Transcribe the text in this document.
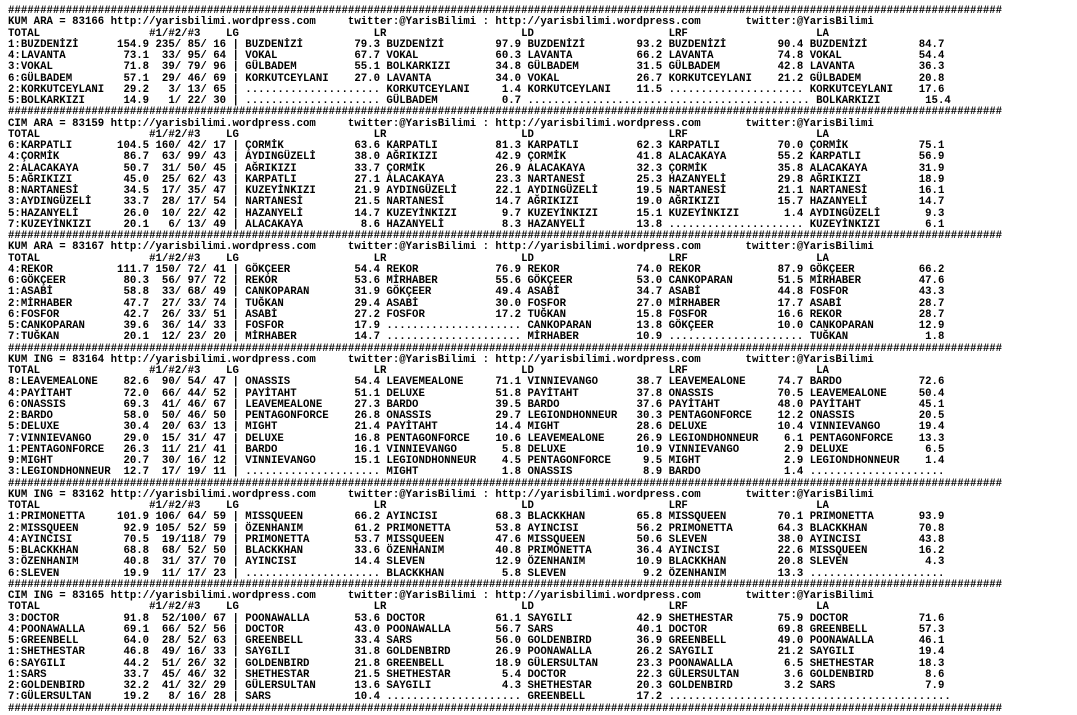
###########################################################################################################################################################
KUM ARA = 83166 http://yarisbilimi.wordpress.com     twitter:@YarisBilimi : http://yarisbilimi.wordpress.com       twitter:@YarisBilimi
TOTAL                 #1/#2/#3    LG                     LR                     LD                     LRF                    LA
1:BUZDENİZİ      154.9 235/ 85/ 16 | BUZDENİZİ        79.3 BUZDENİZİ        97.9 BUZDENİZİ        93.2 BUZDENİZİ        90.4 BUZDENİZİ        84.7
4:LAVANTA         73.1  33/ 95/ 64 | VOKAL            67.7 VOKAL            60.3 LAVANTA          66.2 LAVANTA          74.8 VOKAL            54.4
3:VOKAL           71.8  39/ 79/ 96 | GÜLBADEM         55.1 BOLKARKIZI       34.8 GÜLBADEM         31.5 GÜLBADEM         42.8 LAVANTA          36.3
6:GÜLBADEM        57.1  29/ 46/ 69 | KORKUTCEYLANI    27.0 LAVANTA          34.0 VOKAL            26.7 KORKUTCEYLANI    21.2 GÜLBADEM         20.8
2:KORKUTCEYLANI   29.2   3/ 13/ 65 | ..................... KORKUTCEYLANI     1.4 KORKUTCEYLANI    11.5 ..................... KORKUTCEYLANI    17.6
5:BOLKARKIZI      14.9   1/ 22/ 30 | ..................... GÜLBADEM          0.7 ............................................ BOLKARKIZI       15.4
###########################################################################################################################################################
CIM ARA = 83159 http://yarisbilimi.wordpress.com     twitter:@YarisBilimi : http://yarisbilimi.wordpress.com       twitter:@YarisBilimi
TOTAL                 #1/#2/#3    LG                     LR                     LD                     LRF                    LA
6:KARPATLI       104.5 160/ 42/ 17 | ÇORMİK           63.6 KARPATLI         81.3 KARPATLI         62.3 KARPATLI         70.0 ÇORMİK           75.1
4:ÇORMİK          86.7  63/ 99/ 43 | AYDINGÜZELİ      38.0 AĞRIKIZI         42.9 ÇORMİK           41.8 ALACAKAYA        55.2 KARPATLI         56.9
2:ALACAKAYA       50.7  31/ 50/ 45 | AĞRIKIZI         33.7 ÇORMİK           26.9 ALACAKAYA        32.3 ÇORMİK           35.8 ALACAKAYA        31.9
5:AĞRIKIZI        45.0  25/ 62/ 43 | KARPATLI         27.1 ALACAKAYA        23.3 NARTANESİ        25.3 HAZANYELİ        29.8 AĞRIKIZI         18.9
8:NARTANESİ       34.5  17/ 35/ 47 | KUZEYİNKIZI      21.9 AYDINGÜZELİ      22.1 AYDINGÜZELİ      19.5 NARTANESİ        21.1 NARTANESİ        16.1
3:AYDINGÜZELİ     33.7  28/ 17/ 54 | NARTANESİ        21.5 NARTANESİ        14.7 AĞRIKIZI         19.0 AĞRIKIZI         15.7 HAZANYELİ        14.7
5:HAZANYELİ       26.0  10/ 22/ 42 | HAZANYELİ        14.7 KUZEYİNKIZI       9.7 KUZEYİNKIZI      15.1 KUZEYİNKIZI       1.4 AYDINGÜZELİ       9.3
7:KUZEYİNKIZI     20.1   6/ 13/ 49 | ALACAKAYA         8.6 HAZANYELİ         8.3 HAZANYELİ        13.8 ..................... KUZEYİNKIZI       6.1
###########################################################################################################################################################
KUM ARA = 83167 http://yarisbilimi.wordpress.com     twitter:@YarisBilimi : http://yarisbilimi.wordpress.com       twitter:@YarisBilimi
TOTAL                 #1/#2/#3    LG                     LR                     LD                     LRF                    LA
4:REKOR          111.7 150/ 72/ 41 | GÖKÇEER          54.4 REKOR            76.9 REKOR            74.0 REKOR            87.9 GÖKÇEER          66.2
6:GÖKÇEER         80.3  56/ 97/ 72 | REKOR            53.6 MİRHABER         55.6 GÖKÇEER          53.0 CANKOPARAN       51.5 MİRHABER         47.6
1:ASABİ           58.8  33/ 68/ 49 | CANKOPARAN       31.9 GÖKÇEER          49.4 ASABİ            34.7 ASABİ            44.8 FOSFOR           43.3
2:MİRHABER        47.7  27/ 33/ 74 | TUĞKAN           29.4 ASABİ            30.0 FOSFOR           27.0 MİRHABER         17.7 ASABİ            28.7
6:FOSFOR          42.7  26/ 33/ 51 | ASABİ            27.2 FOSFOR           17.2 TUĞKAN           15.8 FOSFOR           16.6 REKOR            28.7
5:CANKOPARAN      39.6  36/ 14/ 33 | FOSFOR           17.9 ..................... CANKOPARAN       13.8 GÖKÇEER          10.0 CANKOPARAN       12.9
7:TUĞKAN          20.1  12/ 23/ 20 | MİRHABER         14.7 ..................... MİRHABER         10.9 ..................... TUĞKAN            1.8
###########################################################################################################################################################
KUM ING = 83164 http://yarisbilimi.wordpress.com     twitter:@YarisBilimi : http://yarisbilimi.wordpress.com       twitter:@YarisBilimi
TOTAL                 #1/#2/#3    LG                     LR                     LD                     LRF                    LA
8:LEAVEMEALONE    82.6  90/ 54/ 47 | ONASSIS          54.4 LEAVEMEALONE     71.1 VINNIEVANGO      38.7 LEAVEMEALONE     74.7 BARDO            72.6
4:PAYİTAHT        72.0  66/ 44/ 52 | PAYİTAHT         51.1 DELUXE           51.8 PAYİTAHT         37.8 ONASSIS          70.5 LEAVEMEALONE     50.4
6:ONASSIS         69.3  41/ 46/ 67 | LEAVEMEALONE     27.3 BARDO            39.5 BARDO            37.6 PAYİTAHT         48.0 PAYİTAHT         45.1
2:BARDO           58.0  50/ 46/ 50 | PENTAGONFORCE    26.8 ONASSIS          29.7 LEGIONDHONNEUR   30.3 PENTAGONFORCE    12.2 ONASSIS          20.5
5:DELUXE          30.4  20/ 63/ 13 | MIGHT            21.4 PAYİTAHT         14.4 MIGHT            28.6 DELUXE           10.4 VINNIEVANGO      19.4
7:VINNIEVANGO     29.0  15/ 31/ 47 | DELUXE           16.8 PENTAGONFORCE    10.6 LEAVEMEALONE     26.9 LEGIONDHONNEUR    6.1 PENTAGONFORCE    13.3
1:PENTAGONFORCE   26.3  11/ 21/ 41 | BARDO            16.1 VINNIEVANGO       5.8 DELUXE           10.9 VINNIEVANGO       2.9 DELUXE            6.5
9:MIGHT           20.7  30/ 16/ 12 | VINNIEVANGO      15.1 LEGIONDHONNEUR    4.5 PENTAGONFORCE     9.5 MIGHT             2.9 LEGIONDHONNEUR    1.4
3:LEGIONDHONNEUR  12.7  17/ 19/ 11 | ..................... MIGHT             1.8 ONASSIS           8.9 BARDO             1.4 .....................
###########################################################################################################################################################
KUM ING = 83162 http://yarisbilimi.wordpress.com     twitter:@YarisBilimi : http://yarisbilimi.wordpress.com       twitter:@YarisBilimi
TOTAL                 #1/#2/#3    LG                     LR                     LD                     LRF                    LA
1:PRIMONETTA     101.9 106/ 64/ 59 | MISSQUEEN        66.2 AYINCISI         68.3 BLACKKHAN        65.8 MISSQUEEN        70.1 PRIMONETTA       93.9
2:MISSQUEEN       92.9 105/ 52/ 59 | ÖZENHANIM        61.2 PRIMONETTA       53.8 AYINCISI         56.2 PRIMONETTA       64.3 BLACKKHAN        70.8
4:AYINCISI        70.5  19/118/ 79 | PRIMONETTA       53.7 MISSQUEEN        47.6 MISSQUEEN        50.6 SLEVEN           38.0 AYINCISI         43.8
5:BLACKKHAN       68.8  68/ 52/ 50 | BLACKKHAN        33.6 ÖZENHANIM        40.8 PRIMONETTA       36.4 AYINCISI         22.6 MISSQUEEN        16.2
3:ÖZENHANIM       40.8  31/ 37/ 70 | AYINCISI         14.4 SLEVEN           12.9 ÖZENHANIM        10.9 BLACKKHAN        20.8 SLEVEN            4.3
6:SLEVEN          19.9  11/ 17/ 23 | ..................... BLACKKHAN         5.8 SLEVEN            9.2 ÖZENHANIM        13.3 .....................
###########################################################################################################################################################
CIM ING = 83165 http://yarisbilimi.wordpress.com     twitter:@YarisBilimi : http://yarisbilimi.wordpress.com       twitter:@YarisBilimi
TOTAL                 #1/#2/#3    LG                     LR                     LD                     LRF                    LA
3:DOCTOR          91.8  52/100/ 67 | POONAWALLA       53.6 DOCTOR           61.1 SAYGILI          42.9 SHETHESTAR       75.9 DOCTOR           71.6
4:POONAWALLA      69.1  66/ 52/ 56 | DOCTOR           43.0 POONAWALLA       56.7 SARS             40.1 DOCTOR           69.8 GREENBELL        57.3
5:GREENBELL       64.0  28/ 52/ 63 | GREENBELL        33.4 SARS             56.0 GOLDENBIRD       36.9 GREENBELL        49.0 POONAWALLA       46.1
1:SHETHESTAR      46.8  49/ 16/ 33 | SAYGILI          31.8 GOLDENBIRD       26.9 POONAWALLA       26.2 SAYGILI          21.2 SAYGILI          19.4
6:SAYGILI         44.2  51/ 26/ 32 | GOLDENBIRD       21.8 GREENBELL        18.9 GÜLERSULTAN      23.3 POONAWALLA        6.5 SHETHESTAR       18.3
1:SARS            33.7  45/ 46/ 32 | SHETHESTAR       21.5 SHETHESTAR        5.4 DOCTOR           22.3 GÜLERSULTAN       3.6 GOLDENBIRD        8.6
2:GOLDENBIRD      32.2  41/ 32/ 29 | GÜLERSULTAN      13.6 SAYGILI           4.3 SHETHESTAR       20.3 GOLDENBIRD        3.2 SARS              7.9
7:GÜLERSULTAN     19.2   8/ 16/ 28 | SARS             10.4 ..................... GREENBELL        17.2 ............................................
###########################################################################################################################################################
